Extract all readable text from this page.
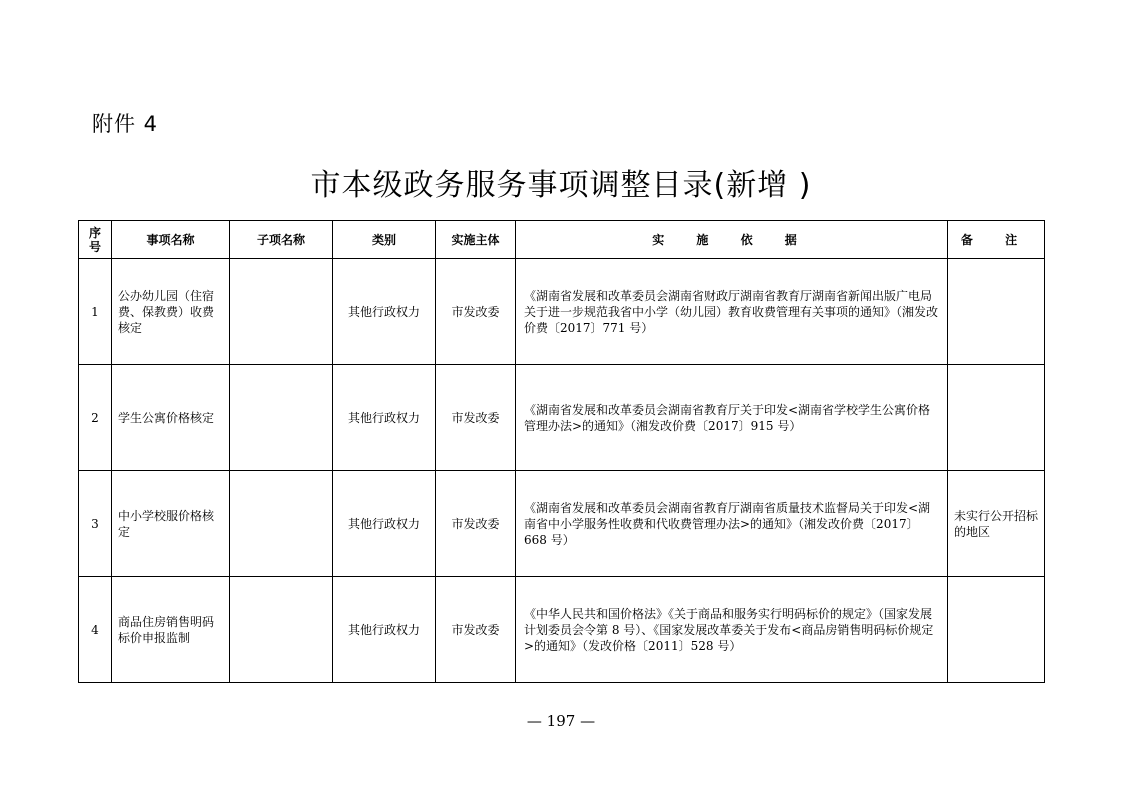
附件 4
市本级政务服务事项调整目录(新增 )
序号	事项名称	子项名称	类别	实施主体	实 施 依 据	备 注
1	公办幼儿园（住宿费、保教费）收费核定		其他行政权力	市发改委	《湖南省发展和改革委员会湖南省财政厅湖南省教育厅湖南省新闻出版广电局关于进一步规范我省中小学（幼儿园）教育收费管理有关事项的通知》（湘发改价费〔2017〕771 号）	
2	学生公寓价格核定		其他行政权力	市发改委	《湖南省发展和改革委员会湖南省教育厅关于印发<湖南省学校学生公寓价格管理办法>的通知》（湘发改价费〔2017〕915 号）	
3	中小学校服价格核定		其他行政权力	市发改委	《湖南省发展和改革委员会湖南省教育厅湖南省质量技术监督局关于印发<湖南省中小学服务性收费和代收费管理办法>的通知》（湘发改价费〔2017〕668 号）	未实行公开招标的地区
4	商品住房销售明码标价申报监制		其他行政权力	市发改委	《中华人民共和国价格法》《关于商品和服务实行明码标价的规定》（国家发展计划委员会令第 8 号）、《国家发展改革委关于发布<商品房销售明码标价规定>的通知》（发改价格〔2011〕528 号）	
— 197 —
